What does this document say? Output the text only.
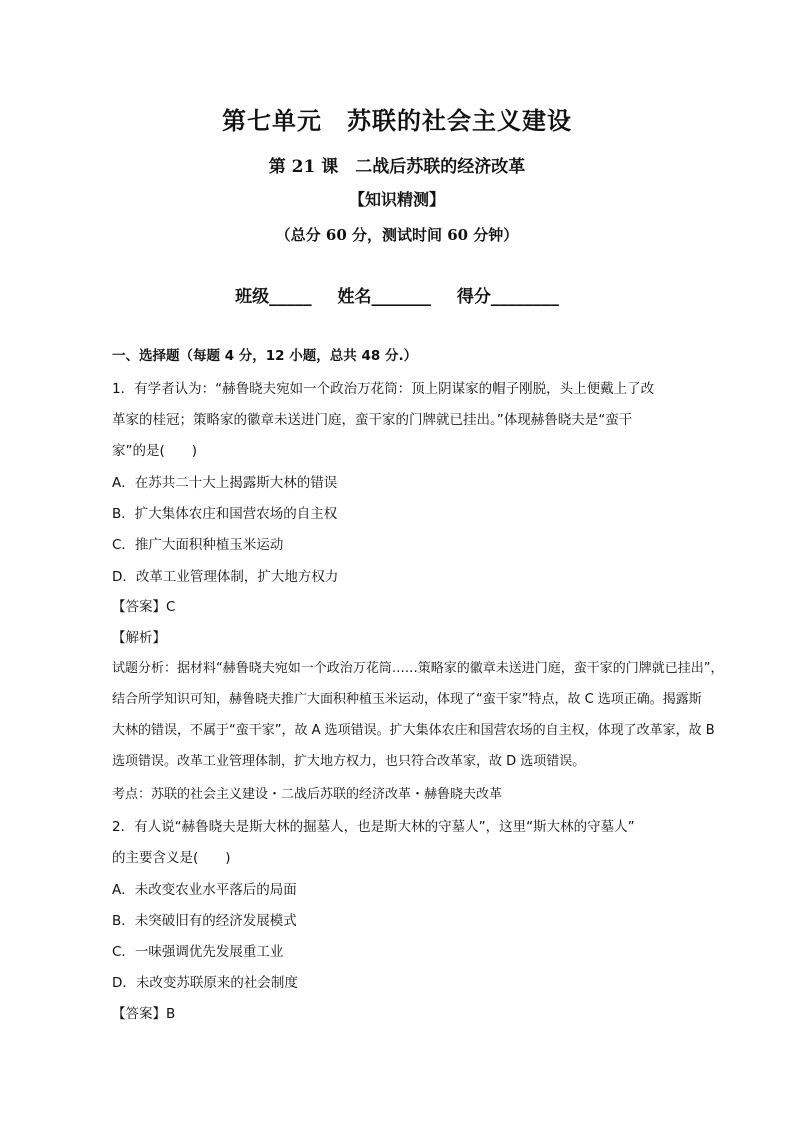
第七单元　苏联的社会主义建设
第 21 课　二战后苏联的经济改革
【知识精测】
（总分 60 分，测试时间 60 分钟）
班级_____ 姓名_______ 得分________
一、选择题（每题 4 分，12 小题，总共 48 分.）
1．有学者认为：“赫鲁晓夫宛如一个政治万花筒：顶上阴谋家的帽子刚脱，头上便戴上了改
革家的桂冠；策略家的徽章未送进门庭，蛮干家的门牌就已挂出。”体现赫鲁晓夫是“蛮干
家”的是(　　)
A．在苏共二十大上揭露斯大林的错误
B．扩大集体农庄和国营农场的自主权
C．推广大面积种植玉米运动
D．改革工业管理体制，扩大地方权力
【答案】C
【解析】
试题分析：据材料“赫鲁晓夫宛如一个政治万花筒……策略家的徽章未送进门庭，蛮干家的门牌就已挂出”，
结合所学知识可知，赫鲁晓夫推广大面积种植玉米运动，体现了“蛮干家”特点，故 C 选项正确。揭露斯
大林的错误，不属于“蛮干家”，故 A 选项错误。扩大集体农庄和国营农场的自主权，体现了改革家，故 B
选项错误。改革工业管理体制，扩大地方权力，也只符合改革家，故 D 选项错误。
考点：苏联的社会主义建设・二战后苏联的经济改革・赫鲁晓夫改革
2．有人说“赫鲁晓夫是斯大林的掘墓人，也是斯大林的守墓人”，这里“斯大林的守墓人”
的主要含义是(　　)
A．未改变农业水平落后的局面
B．未突破旧有的经济发展模式
C．一味强调优先发展重工业
D．未改变苏联原来的社会制度
【答案】B
